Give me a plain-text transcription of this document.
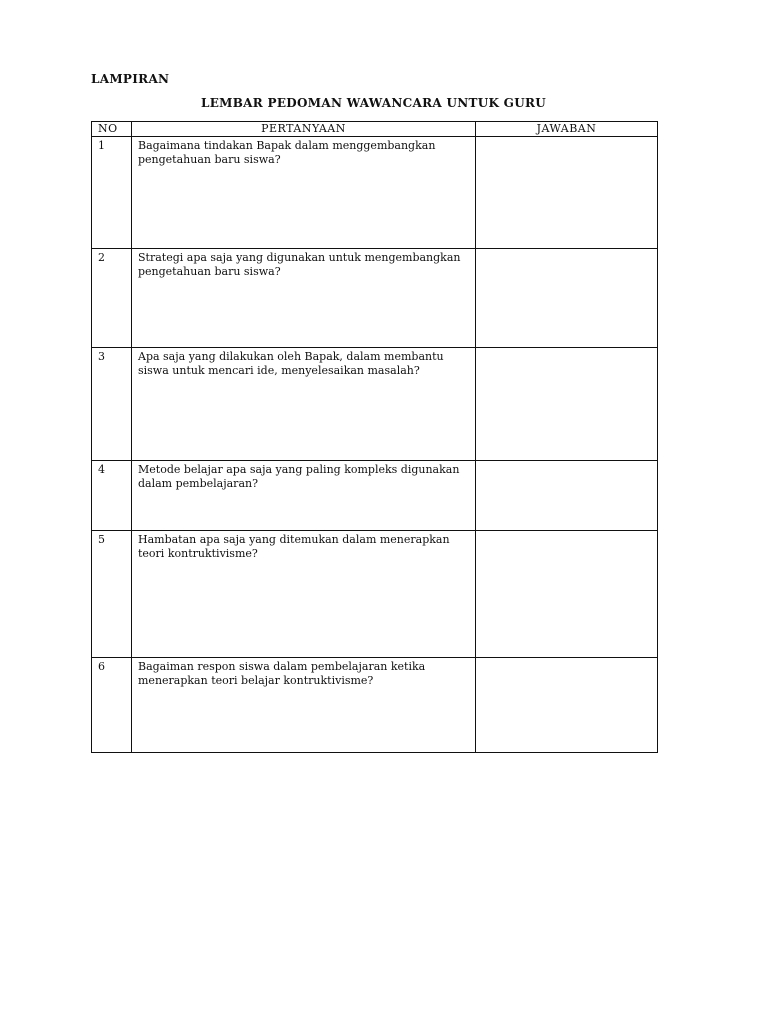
LAMPIRAN
LEMBAR PEDOMAN WAWANCARA UNTUK GURU
NO	PERTANYAAN	JAWABAN
1	Bagaimana tindakan Bapak dalam menggembangkan pengetahuan baru siswa?	
2	Strategi apa saja yang digunakan untuk mengembangkan pengetahuan baru siswa?	
3	Apa saja yang dilakukan oleh Bapak, dalam membantu siswa untuk mencari ide, menyelesaikan masalah?	
4	Metode belajar apa saja yang paling kompleks digunakan dalam pembelajaran?	
5	Hambatan apa saja yang ditemukan dalam menerapkan teori kontruktivisme?	
6	Bagaiman respon siswa dalam pembelajaran ketika menerapkan teori belajar kontruktivisme?	
